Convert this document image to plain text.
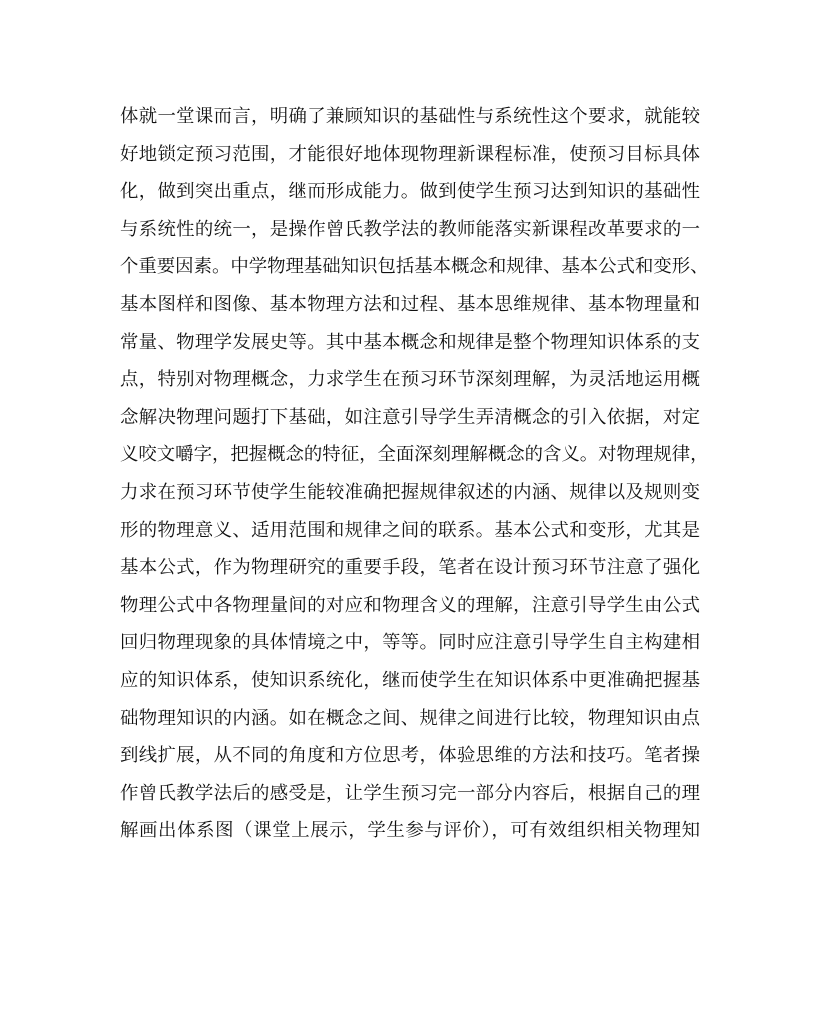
体就一堂课而言，明确了兼顾知识的基础性与系统性这个要求，就能较
好地锁定预习范围，才能很好地体现物理新课程标准，使预习目标具体
化，做到突出重点，继而形成能力。做到使学生预习达到知识的基础性
与系统性的统一，是操作曾氏教学法的教师能落实新课程改革要求的一
个重要因素。中学物理基础知识包括基本概念和规律、基本公式和变形、
基本图样和图像、基本物理方法和过程、基本思维规律、基本物理量和
常量、物理学发展史等。其中基本概念和规律是整个物理知识体系的支
点，特别对物理概念，力求学生在预习环节深刻理解，为灵活地运用概
念解决物理问题打下基础，如注意引导学生弄清概念的引入依据，对定
义咬文嚼字，把握概念的特征，全面深刻理解概念的含义。对物理规律，
力求在预习环节使学生能较准确把握规律叙述的内涵、规律以及规则变
形的物理意义、适用范围和规律之间的联系。基本公式和变形，尤其是
基本公式，作为物理研究的重要手段，笔者在设计预习环节注意了强化
物理公式中各物理量间的对应和物理含义的理解，注意引导学生由公式
回归物理现象的具体情境之中，等等。同时应注意引导学生自主构建相
应的知识体系，使知识系统化，继而使学生在知识体系中更准确把握基
础物理知识的内涵。如在概念之间、规律之间进行比较，物理知识由点
到线扩展，从不同的角度和方位思考，体验思维的方法和技巧。笔者操
作曾氏教学法后的感受是，让学生预习完一部分内容后，根据自己的理
解画出体系图（课堂上展示，学生参与评价），可有效组织相关物理知
